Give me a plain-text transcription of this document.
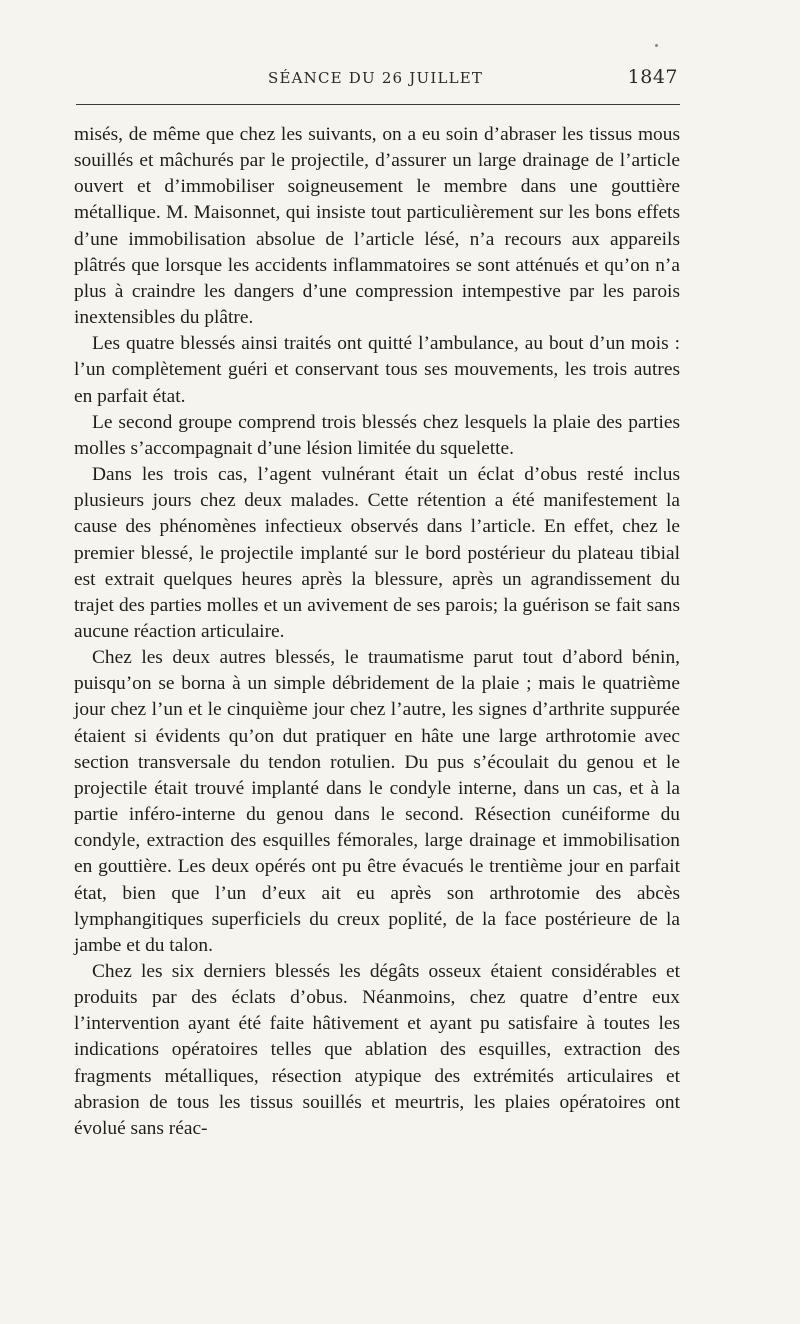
SÉANCE DU 26 JUILLET	1847

misés, de même que chez les suivants, on a eu soin d’abraser les tissus mous souillés et mâchurés par le projectile, d’assurer un large drainage de l’article ouvert et d’immobiliser soigneusement le membre dans une gouttière métallique. M. Maisonnet, qui insiste tout particulièrement sur les bons effets d’une immobilisation absolue de l’article lésé, n’a recours aux appareils plâtrés que lorsque les accidents inflammatoires se sont atténués et qu’on n’a plus à craindre les dangers d’une compression intempestive par les parois inextensibles du plâtre.

Les quatre blessés ainsi traités ont quitté l’ambulance, au bout d’un mois : l’un complètement guéri et conservant tous ses mouvements, les trois autres en parfait état.

Le second groupe comprend trois blessés chez lesquels la plaie des parties molles s’accompagnait d’une lésion limitée du squelette.

Dans les trois cas, l’agent vulnérant était un éclat d’obus resté inclus plusieurs jours chez deux malades. Cette rétention a été manifestement la cause des phénomènes infectieux observés dans l’article. En effet, chez le premier blessé, le projectile implanté sur le bord postérieur du plateau tibial est extrait quelques heures après la blessure, après un agrandissement du trajet des parties molles et un avivement de ses parois; la guérison se fait sans aucune réaction articulaire.

Chez les deux autres blessés, le traumatisme parut tout d’abord bénin, puisqu’on se borna à un simple débridement de la plaie ; mais le quatrième jour chez l’un et le cinquième jour chez l’autre, les signes d’arthrite suppurée étaient si évidents qu’on dut pratiquer en hâte une large arthrotomie avec section transversale du tendon rotulien. Du pus s’écoulait du genou et le projectile était trouvé implanté dans le condyle interne, dans un cas, et à la partie inféro-interne du genou dans le second. Résection cunéiforme du condyle, extraction des esquilles fémorales, large drainage et immobilisation en gouttière. Les deux opérés ont pu être évacués le trentième jour en parfait état, bien que l’un d’eux ait eu après son arthrotomie des abcès lymphangitiques superficiels du creux poplité, de la face postérieure de la jambe et du talon.

Chez les six derniers blessés les dégâts osseux étaient considérables et produits par des éclats d’obus. Néanmoins, chez quatre d’entre eux l’intervention ayant été faite hâtivement et ayant pu satisfaire à toutes les indications opératoires telles que ablation des esquilles, extraction des fragments métalliques, résection atypique des extrémités articulaires et abrasion de tous les tissus souillés et meurtris, les plaies opératoires ont évolué sans réac-
